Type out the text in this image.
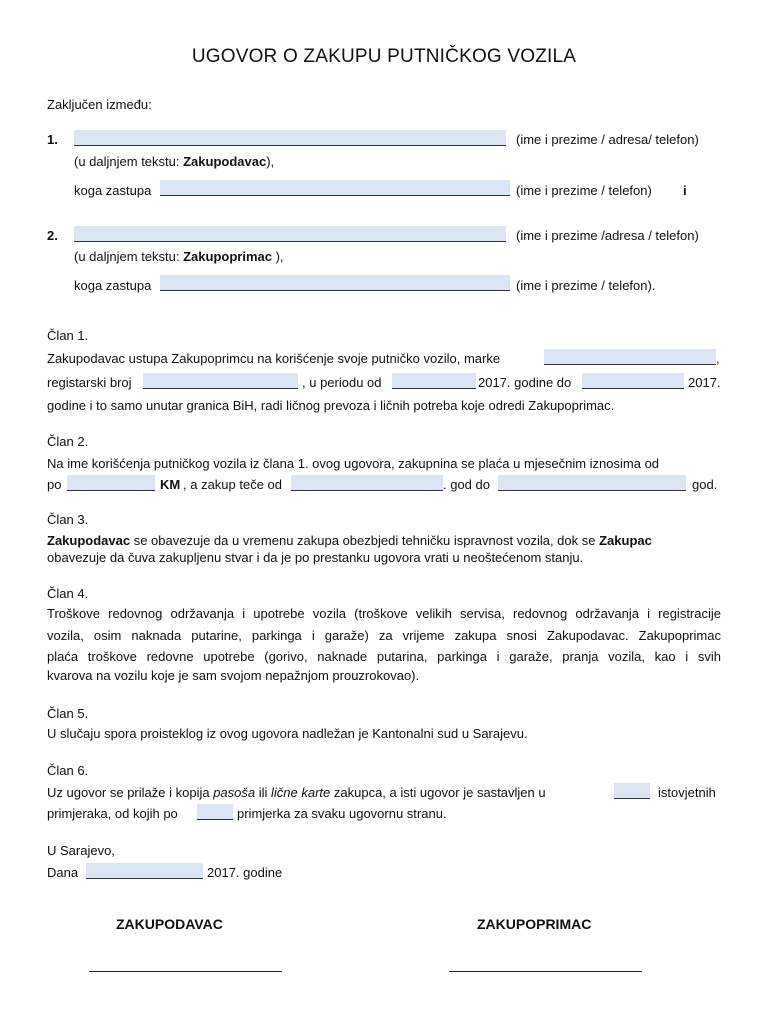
UGOVOR O ZAKUPU PUTNIČKOG VOZILA
Zaključen između:
1.	(ime i prezime / adresa/ telefon)
(u daljnjem tekstu: Zakupodavac),
koga zastupa	(ime i prezime / telefon) i
2.	(ime i prezime /adresa / telefon)
(u daljnjem tekstu: Zakupoprimac ),
koga zastupa	(ime i prezime / telefon).
Član 1.
Zakupodavac ustupa Zakupoprimcu na korišćenje svoje putničko vozilo, marke	,
registarski broj	, u periodu od	2017. godine do	2017.
godine i to samo unutar granica BiH, radi ličnog prevoza i ličnih potreba koje odredi Zakupoprimac.
Član 2.
Na ime korišćenja putničkog vozila iz člana 1. ovog ugovora, zakupnina se plaća u mjesečnim iznosima od
po	KM , a zakup teče od	. god do	god.
Član 3.
Zakupodavac se obavezuje da u vremenu zakupa obezbjedi tehničku ispravnost vozila, dok se Zakupac
obavezuje da čuva zakupljenu stvar i da je po prestanku ugovora vrati u neoštećenom stanju.
Član 4.
Troškove redovnog održavanja i upotrebe vozila (troškove velikih servisa, redovnog održavanja i registracije
vozila, osim naknada putarine, parkinga i garaže) za vrijeme zakupa snosi Zakupodavac. Zakupoprimac
plaća troškove redovne upotrebe (gorivo, naknade putarina, parkinga i garaže, pranja vozila, kao i svih
kvarova na vozilu koje je sam svojom nepažnjom prouzrokovao).
Član 5.
U slučaju spora proisteklog iz ovog ugovora nadležan je Kantonalni sud u Sarajevu.
Član 6.
Uz ugovor se prilaže i kopija pasoša ili lične karte zakupca, a isti ugovor je sastavljen u	istovjetnih
primjeraka, od kojih po	primjerka za svaku ugovornu stranu.
U Sarajevo,
Dana	2017. godine
ZAKUPODAVAC	ZAKUPOPRIMAC
